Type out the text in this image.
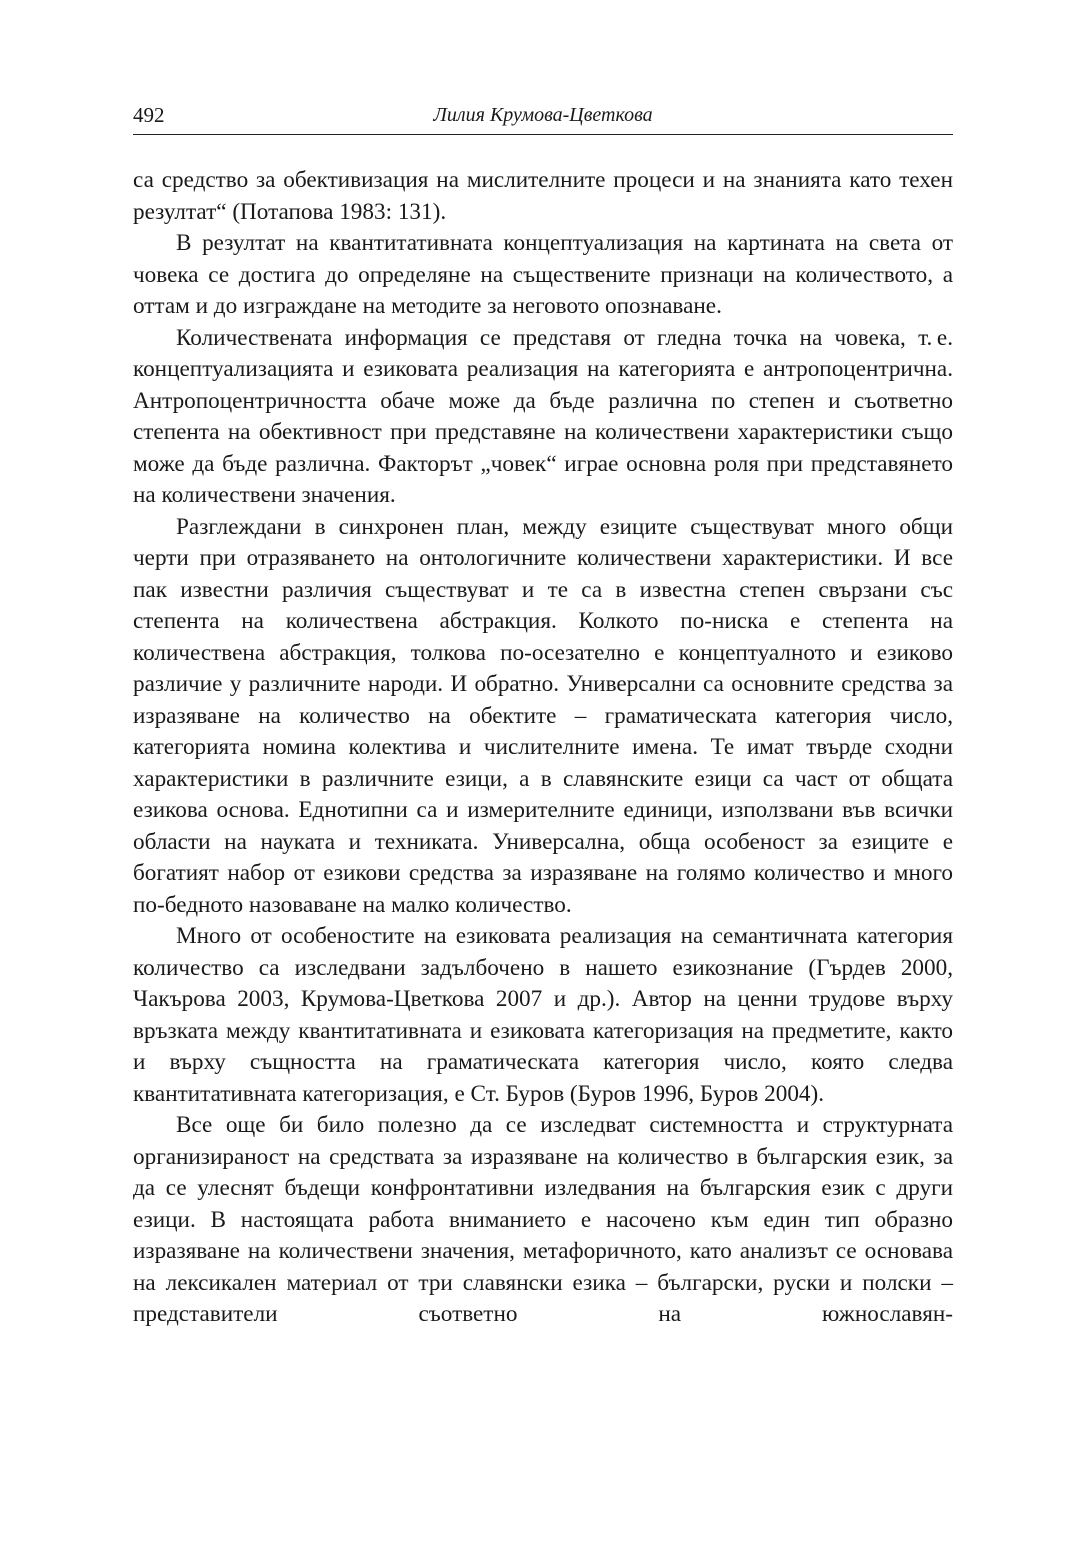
492	Лилия Крумова-Цветкова

са средство за обективизация на мислителните процеси и на знанията като техен резултат“ (Потапова 1983: 131).

В резултат на квантитативната концептуализация на картината на света от човека се достига до определяне на съществените признаци на количеството, а оттам и до изграждане на методите за неговото опознаване.

Количествената информация се представя от гледна точка на човека, т. е. концептуализацията и езиковата реализация на категорията е антропоцентрична. Антропоцентричността обаче може да бъде различна по степен и съответно степента на обективност при представяне на количествени характеристики също може да бъде различна. Факторът „човек“ играе основна роля при представянето на количествени значения.

Разглеждани в синхронен план, между езиците съществуват много общи черти при отразяването на онтологичните количествени характеристики. И все пак известни различия съществуват и те са в известна степен свързани със степента на количествена абстракция. Колкото по-ниска е степента на количествена абстракция, толкова по-осезателно е концептуалното и езиково различие у различните народи. И обратно. Универсални са основните средства за изразяване на количество на обектите – граматическата категория число, категорията номина колектива и числителните имена. Те имат твърде сходни характеристики в различните езици, а в славянските езици са част от общата езикова основа. Еднотипни са и измерителните единици, използвани във всички области на науката и техниката. Универсална, обща особеност за езиците е богатият набор от езикови средства за изразяване на голямо количество и много по-бедното назоваване на малко количество.

Много от особеностите на езиковата реализация на семантичната категория количество са изследвани задълбочено в нашето езикознание (Гърдев 2000, Чакърова 2003, Крумова-Цветкова 2007 и др.). Автор на ценни трудове върху връзката между квантитативната и езиковата категоризация на предметите, както и върху същността на граматическата категория число, която следва квантитативната категоризация, е Ст. Буров (Буров 1996, Буров 2004).

Все още би било полезно да се изследват системността и структурната организираност на средствата за изразяване на количество в българския език, за да се улеснят бъдещи конфронтативни изледвания на българския език с други езици. В настоящата работа вниманието е насочено към един тип образно изразяване на количествени значения, метафоричното, като анализът се основава на лексикален материал от три славянски езика – български, руски и полски – представители съответно на южнославян-
